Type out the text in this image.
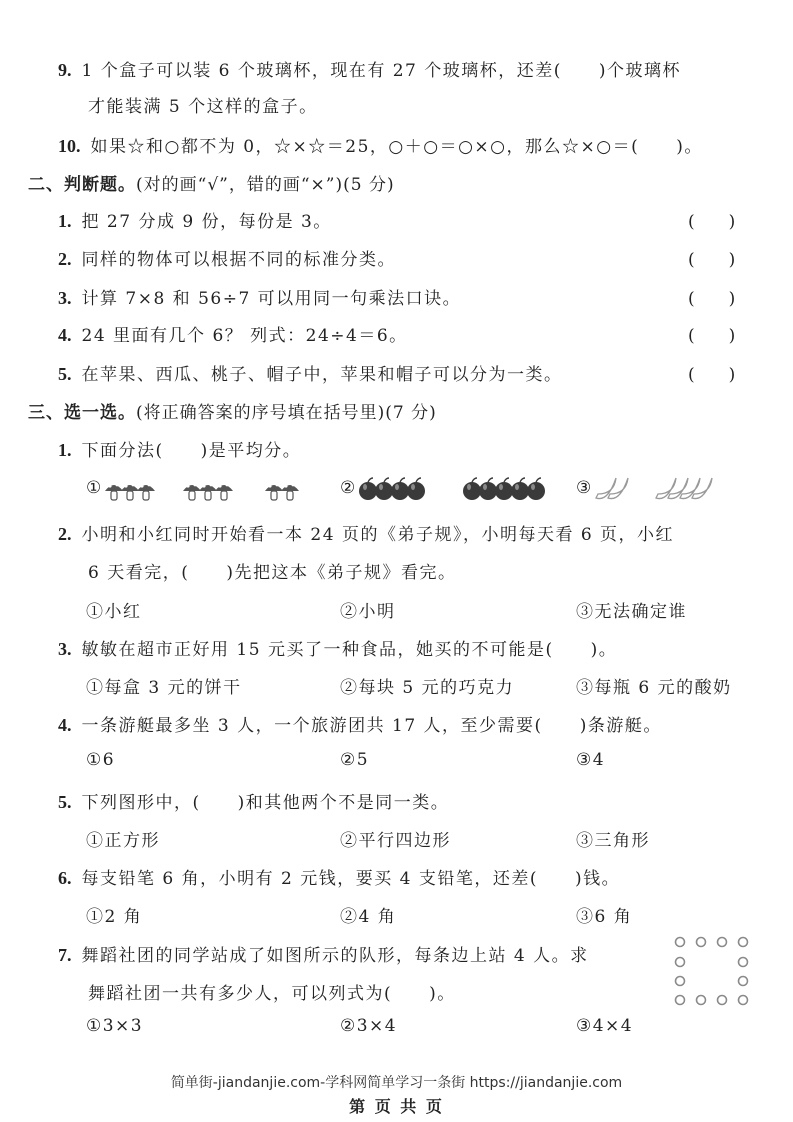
9. 1 个盒子可以装 6 个玻璃杯，现在有 27 个玻璃杯，还差(　　)个玻璃杯
才能装满 5 个这样的盒子。
10. 如果☆和○都不为 0，☆×☆＝25，○＋○＝○×○，那么☆×○＝(　　)。
二、判断题。(对的画“√”，错的画“×”)(5 分)
1. 把 27 分成 9 份，每份是 3。	(　　)
2. 同样的物体可以根据不同的标准分类。	(　　)
3. 计算 7×8 和 56÷7 可以用同一句乘法口诀。	(　　)
4. 24 里面有几个 6？ 列式：24÷4＝6。	(　　)
5. 在苹果、西瓜、桃子、帽子中，苹果和帽子可以分为一类。	(　　)
三、选一选。(将正确答案的序号填在括号里)(7 分)
1. 下面分法(　　)是平均分。
①	②	③
2. 小明和小红同时开始看一本 24 页的《弟子规》，小明每天看 6 页，小红
6 天看完，(　　)先把这本《弟子规》看完。
①小红	②小明	③无法确定谁
3. 敏敏在超市正好用 15 元买了一种食品，她买的不可能是(　　)。
①每盒 3 元的饼干	②每块 5 元的巧克力	③每瓶 6 元的酸奶
4. 一条游艇最多坐 3 人，一个旅游团共 17 人，至少需要(　　)条游艇。
①6	②5	③4
5. 下列图形中，(　　)和其他两个不是同一类。
①正方形	②平行四边形	③三角形
6. 每支铅笔 6 角，小明有 2 元钱，要买 4 支铅笔，还差(　　)钱。
①2 角	②4 角	③6 角
7. 舞蹈社团的同学站成了如图所示的队形，每条边上站 4 人。求
舞蹈社团一共有多少人，可以列式为(　　)。
①3×3	②3×4	③4×4
简单街-jiandanjie.com-学科网简单学习一条街 https://jiandanjie.com
第 页 共 页
